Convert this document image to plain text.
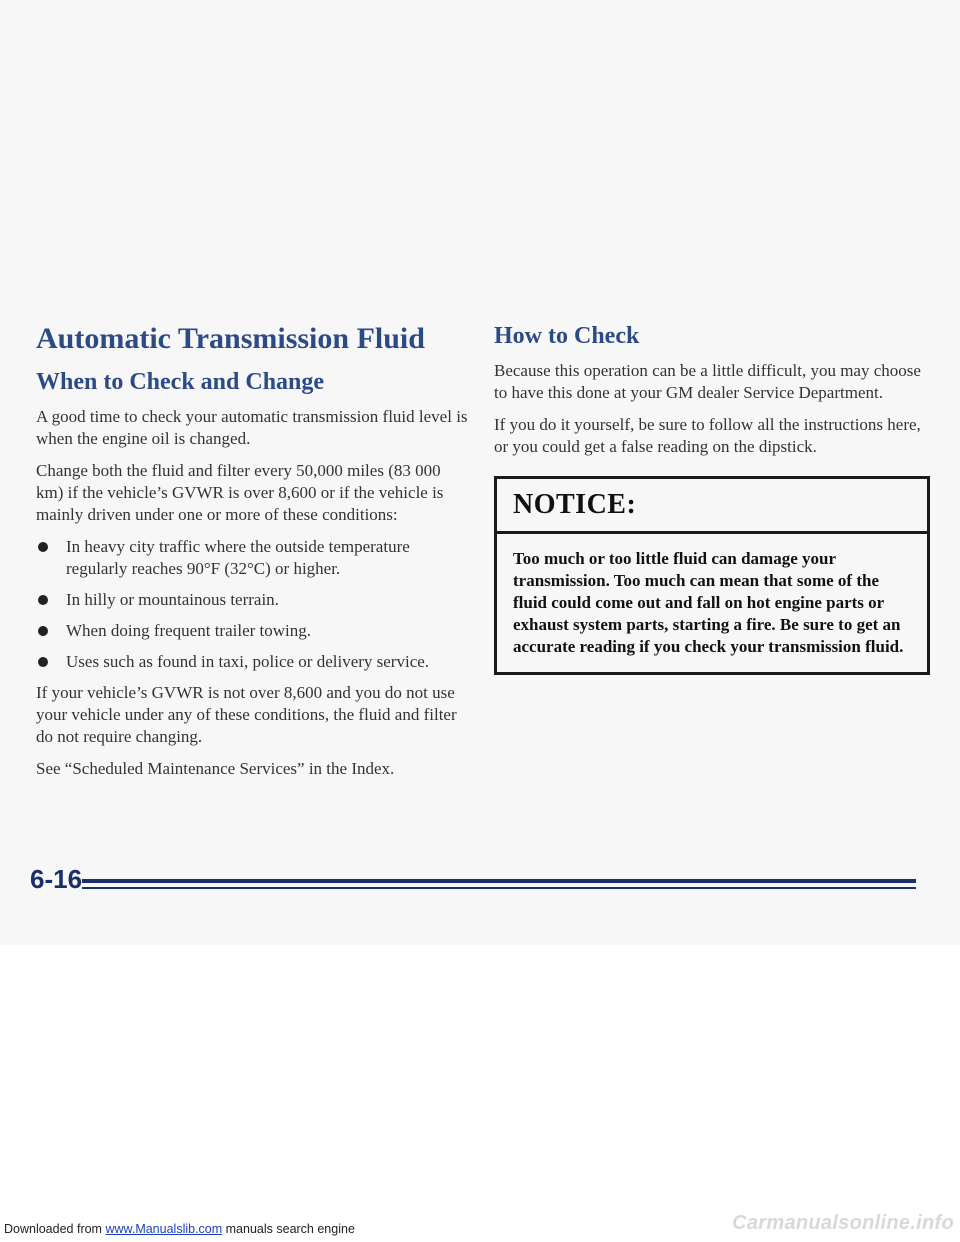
Automatic Transmission Fluid
When to Check and Change

A good time to check your automatic transmission fluid level is when the engine oil is changed.

Change both the fluid and filter every 50,000 miles (83 000 km) if the vehicle’s GVWR is over 8,600 or if the vehicle is mainly driven under one or more of these conditions:

In heavy city traffic where the outside temperature regularly reaches 90°F (32°C) or higher.
In hilly or mountainous terrain.
When doing frequent trailer towing.
Uses such as found in taxi, police or delivery service.

If your vehicle’s GVWR is not over 8,600 and you do not use your vehicle under any of these conditions, the fluid and filter do not require changing.

See “Scheduled Maintenance Services” in the Index.

How to Check

Because this operation can be a little difficult, you may choose to have this done at your GM dealer Service Department.

If you do it yourself, be sure to follow all the instructions here, or you could get a false reading on the dipstick.

NOTICE:
Too much or too little fluid can damage your transmission. Too much can mean that some of the fluid could come out and fall on hot engine parts or exhaust system parts, starting a fire. Be sure to get an accurate reading if you check your transmission fluid.
6-16
Downloaded from www.Manualslib.com manuals search engine	Carmanualsonline.info
